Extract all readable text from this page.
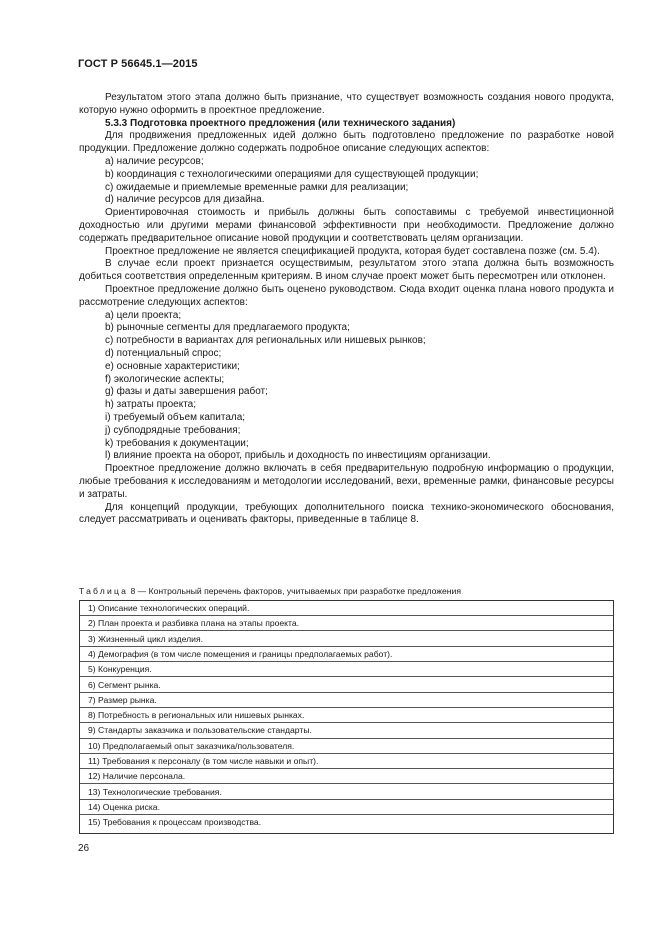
ГОСТ Р 56645.1—2015

Результатом этого этапа должно быть признание, что существует возможность создания нового продукта, которую нужно оформить в проектное предложение.

5.3.3 Подготовка проектного предложения (или технического задания)

Для продвижения предложенных идей должно быть подготовлено предложение по разработке новой продукции. Предложение должно содержать подробное описание следующих аспектов:

a) наличие ресурсов;

b) координация с технологическими операциями для существующей продукции;

c) ожидаемые и приемлемые временные рамки для реализации;

d) наличие ресурсов для дизайна.

Ориентировочная стоимость и прибыль должны быть сопоставимы с требуемой инвестиционной доходностью или другими мерами финансовой эффективности при необходимости. Предложение должно содержать предварительное описание новой продукции и соответствовать целям организации.

Проектное предложение не является спецификацией продукта, которая будет составлена позже (см. 5.4).

В случае если проект признается осуществимым, результатом этого этапа должна быть возможность добиться соответствия определенным критериям. В ином случае проект может быть пересмотрен или отклонен.

Проектное предложение должно быть оценено руководством. Сюда входит оценка плана нового продукта и рассмотрение следующих аспектов:

a) цели проекта;

b) рыночные сегменты для предлагаемого продукта;

c) потребности в вариантах для региональных или нишевых рынков;

d) потенциальный спрос;

e) основные характеристики;

f) экологические аспекты;

g) фазы и даты завершения работ;

h) затраты проекта;

i) требуемый объем капитала;

j) субподрядные требования;

k) требования к документации;

l) влияние проекта на оборот, прибыль и доходность по инвестициям организации.

Проектное предложение должно включать в себя предварительную подробную информацию о продукции, любые требования к исследованиям и методологии исследований, вехи, временные рамки, финансовые ресурсы и затраты.

Для концепций продукции, требующих дополнительного поиска технико-экономического обоснования, следует рассматривать и оценивать факторы, приведенные в таблице 8.

Таблица 8 — Контрольный перечень факторов, учитываемых при разработке предложения
1) Описание технологических операций.
2) План проекта и разбивка плана на этапы проекта.
3) Жизненный цикл изделия.
4) Демография (в том числе помещения и границы предполагаемых работ).
5) Конкуренция.
6) Сегмент рынка.
7) Размер рынка.
8) Потребность в региональных или нишевых рынках.
9) Стандарты заказчика и пользовательские стандарты.
10) Предполагаемый опыт заказчика/пользователя.
11) Требования к персоналу (в том числе навыки и опыт).
12) Наличие персонала.
13) Технологические требования.
14) Оценка риска.
15) Требования к процессам производства.
26
